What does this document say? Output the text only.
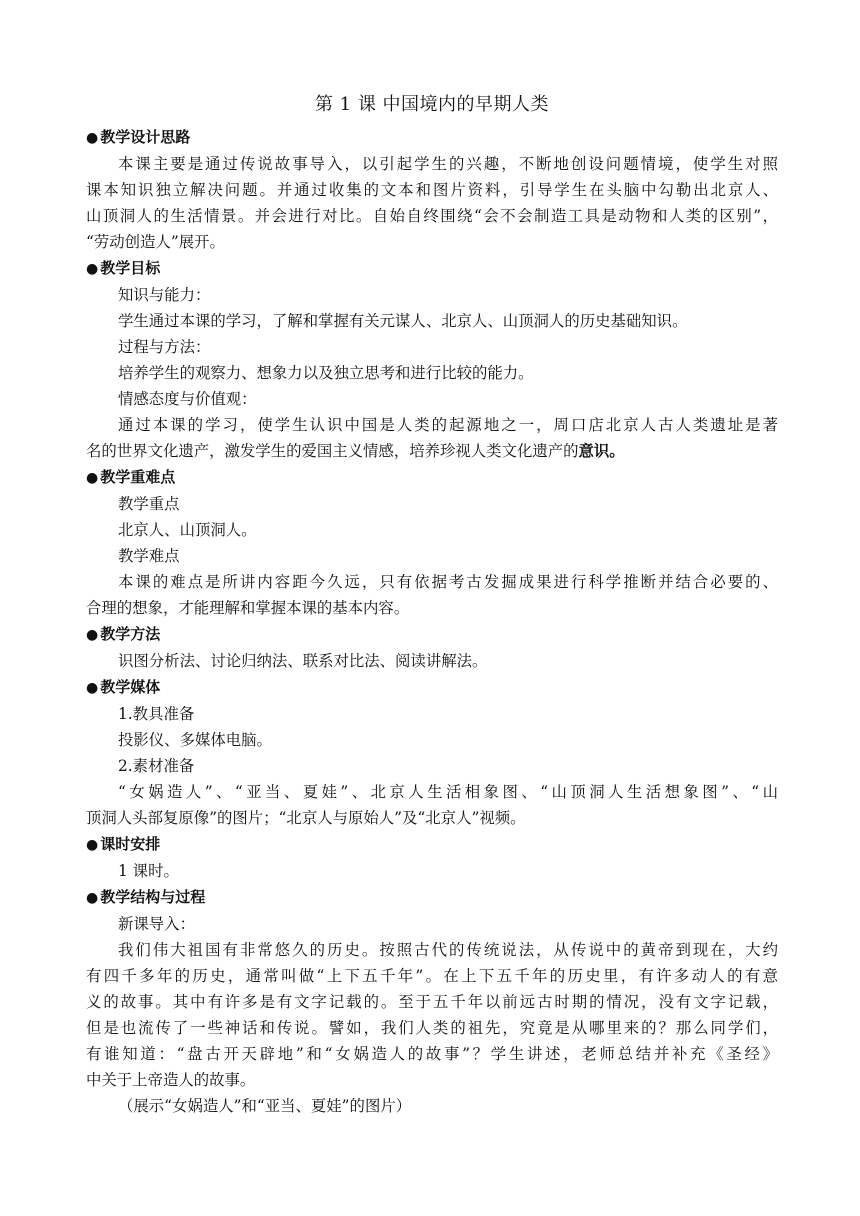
第 1 课 中国境内的早期人类
● 教学设计思路

本课主要是通过传说故事导入，以引起学生的兴趣，不断地创设问题情境，使学生对照

课本知识独立解决问题。并通过收集的文本和图片资料，引导学生在头脑中勾勒出北京人、

山顶洞人的生活情景。并会进行对比。自始自终围绕“会不会制造工具是动物和人类的区别”，

“劳动创造人”展开。

● 教学目标

知识与能力：

学生通过本课的学习，了解和掌握有关元谋人、北京人、山顶洞人的历史基础知识。

过程与方法：

培养学生的观察力、想象力以及独立思考和进行比较的能力。

情感态度与价值观：

通过本课的学习，使学生认识中国是人类的起源地之一，周口店北京人古人类遗址是著

名的世界文化遗产，激发学生的爱国主义情感，培养珍视人类文化遗产的意识。

● 教学重难点

教学重点

北京人、山顶洞人。

教学难点

本课的难点是所讲内容距今久远，只有依据考古发掘成果进行科学推断并结合必要的、

合理的想象，才能理解和掌握本课的基本内容。

● 教学方法

识图分析法、讨论归纳法、联系对比法、阅读讲解法。

● 教学媒体

1.教具准备

投影仪、多媒体电脑。

2.素材准备

“女娲造人”、“亚当、夏娃”、北京人生活相象图、“山顶洞人生活想象图”、“山

顶洞人头部复原像”的图片；“北京人与原始人”及“北京人”视频。

● 课时安排

1 课时。

● 教学结构与过程

新课导入：

我们伟大祖国有非常悠久的历史。按照古代的传统说法，从传说中的黄帝到现在，大约

有四千多年的历史，通常叫做“上下五千年”。在上下五千年的历史里，有许多动人的有意

义的故事。其中有许多是有文字记载的。至于五千年以前远古时期的情况，没有文字记载，

但是也流传了一些神话和传说。譬如，我们人类的祖先，究竟是从哪里来的？那么同学们，

有谁知道：“盘古开天辟地”和“女娲造人的故事”？学生讲述，老师总结并补充《圣经》

中关于上帝造人的故事。

（展示“女娲造人”和“亚当、夏娃”的图片）
